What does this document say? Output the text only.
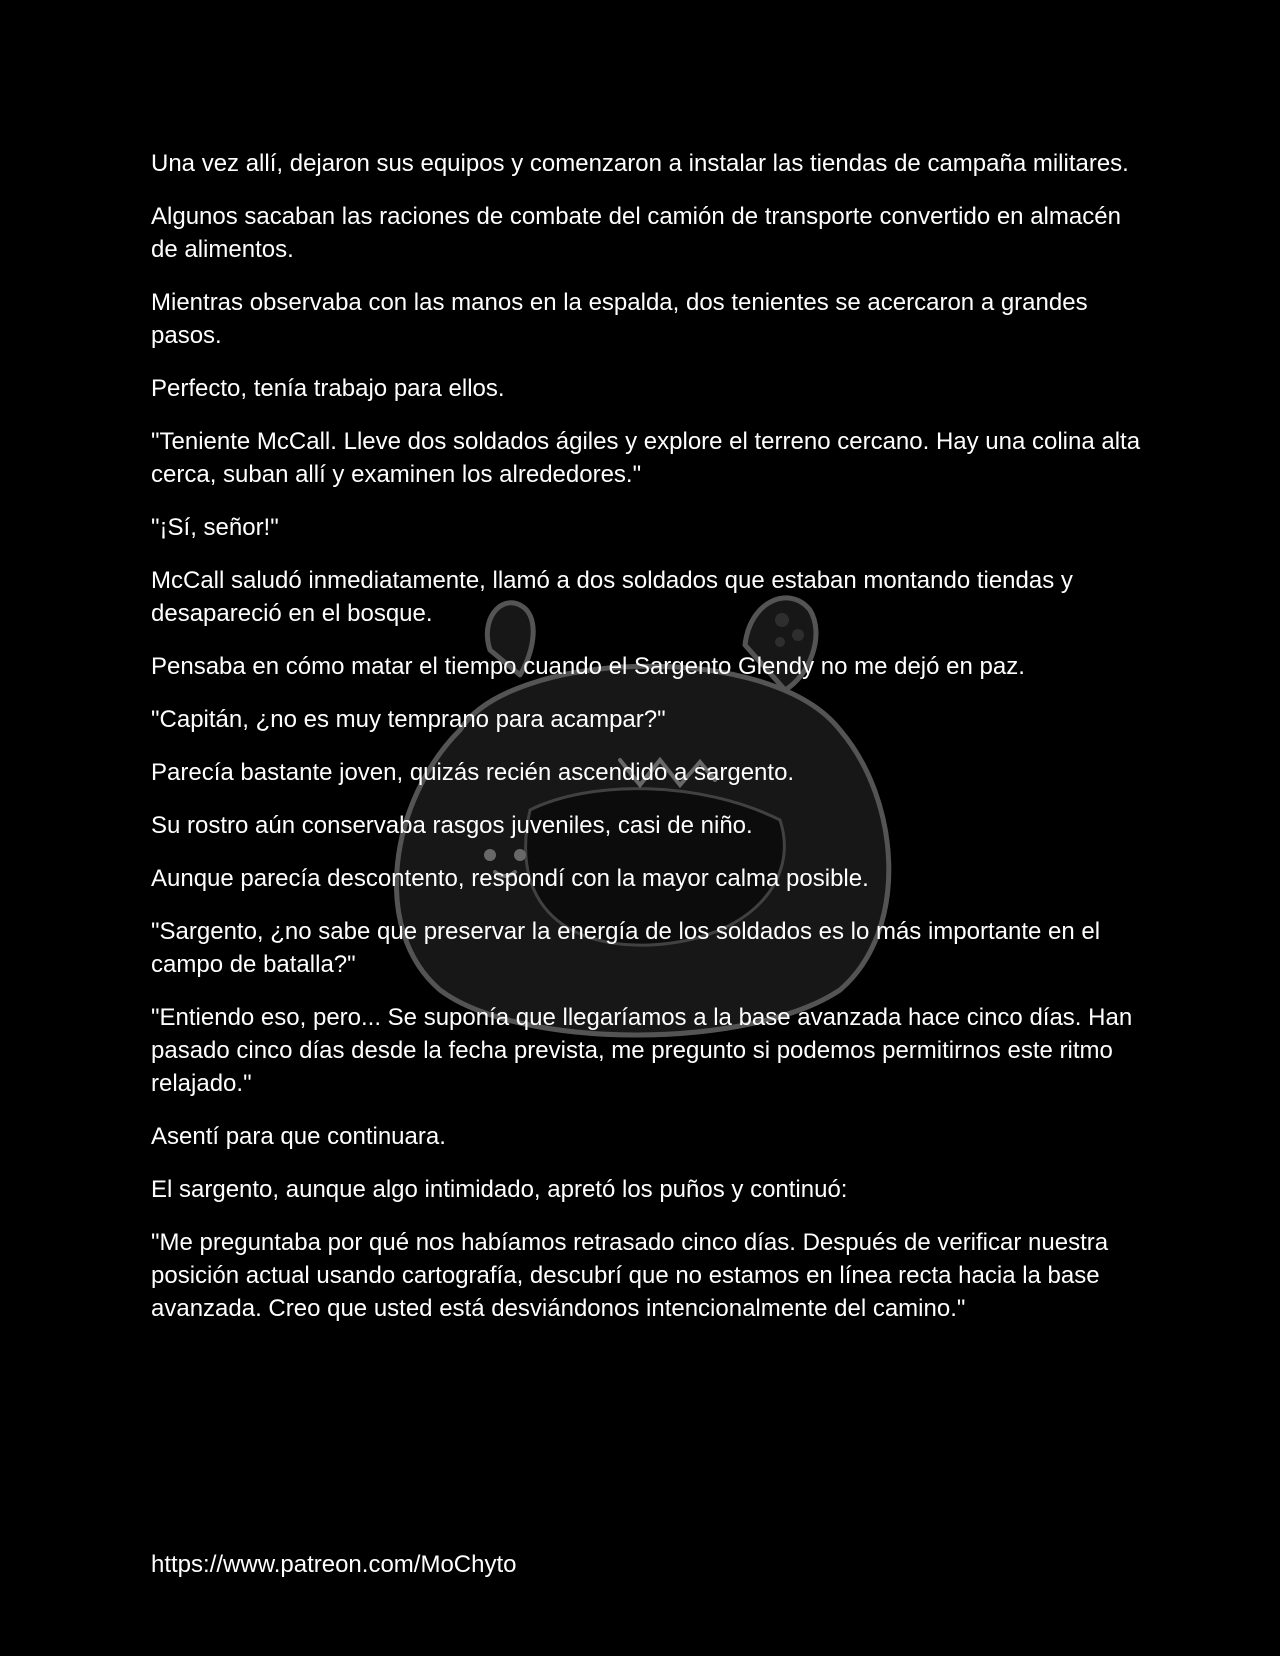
Una vez allí, dejaron sus equipos y comenzaron a instalar las tiendas de campaña militares.

Algunos sacaban las raciones de combate del camión de transporte convertido en almacén de alimentos.

Mientras observaba con las manos en la espalda, dos tenientes se acercaron a grandes pasos.

Perfecto, tenía trabajo para ellos.

"Teniente McCall. Lleve dos soldados ágiles y explore el terreno cercano. Hay una colina alta cerca, suban allí y examinen los alrededores."

"¡Sí, señor!"

McCall saludó inmediatamente, llamó a dos soldados que estaban montando tiendas y desapareció en el bosque.

Pensaba en cómo matar el tiempo cuando el Sargento Glendy no me dejó en paz.

"Capitán, ¿no es muy temprano para acampar?"

Parecía bastante joven, quizás recién ascendido a sargento.

Su rostro aún conservaba rasgos juveniles, casi de niño.

Aunque parecía descontento, respondí con la mayor calma posible.

"Sargento, ¿no sabe que preservar la energía de los soldados es lo más importante en el campo de batalla?"

"Entiendo eso, pero... Se suponía que llegaríamos a la base avanzada hace cinco días. Han pasado cinco días desde la fecha prevista, me pregunto si podemos permitirnos este ritmo relajado."

Asentí para que continuara.

El sargento, aunque algo intimidado, apretó los puños y continuó:

"Me preguntaba por qué nos habíamos retrasado cinco días. Después de verificar nuestra posición actual usando cartografía, descubrí que no estamos en línea recta hacia la base avanzada. Creo que usted está desviándonos intencionalmente del camino."

https://www.patreon.com/MoChyto
